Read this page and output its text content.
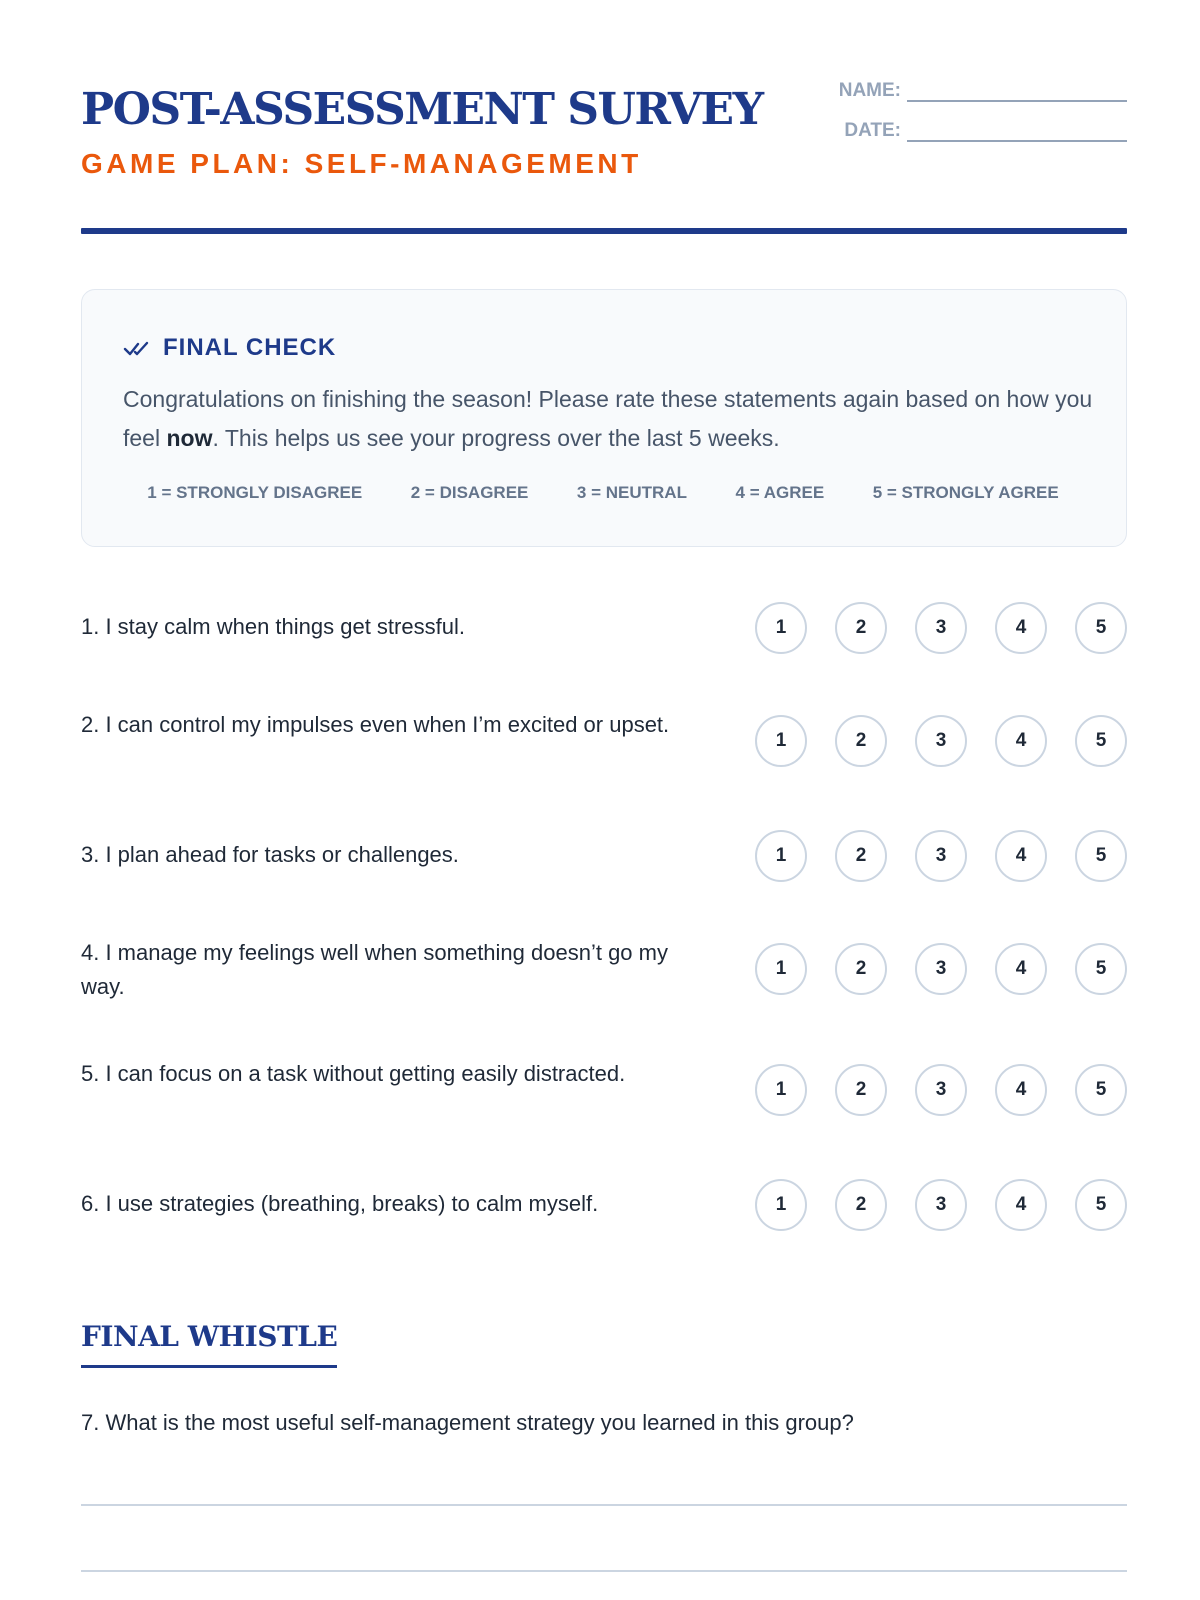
POST-ASSESSMENT SURVEY
GAME PLAN: SELF-MANAGEMENT
NAME:
DATE:
FINAL CHECK
Congratulations on finishing the season! Please rate these statements again based on how you feel now. This helps us see your progress over the last 5 weeks.
1 = STRONGLY DISAGREE	2 = DISAGREE	3 = NEUTRAL	4 = AGREE	5 = STRONGLY AGREE
1. I stay calm when things get stressful.	1	2	3	4	5
2. I can control my impulses even when I’m excited or upset.
1	2	3	4	5
3. I plan ahead for tasks or challenges.	1	2	3	4	5
4. I manage my feelings well when something doesn’t go my way.
1	2	3	4	5
5. I can focus on a task without getting easily distracted.
1	2	3	4	5
6. I use strategies (breathing, breaks) to calm myself.	1	2	3	4	5
FINAL WHISTLE
7. What is the most useful self-management strategy you learned in this group?
